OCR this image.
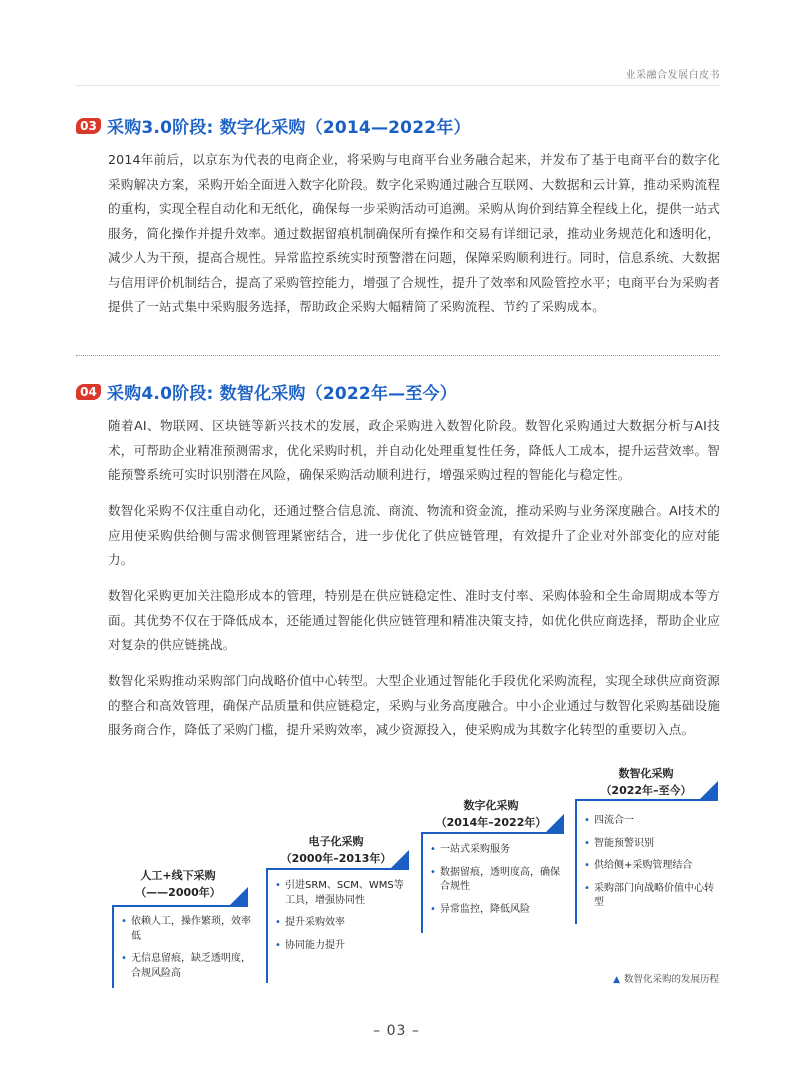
业采融合发展白皮书
03 采购3.0阶段: 数字化采购（2014—2022年）

2014年前后，以京东为代表的电商企业，将采购与电商平台业务融合起来，并发布了基于电商平台的数字化采购解决方案，采购开始全面进入数字化阶段。数字化采购通过融合互联网、大数据和云计算，推动采购流程的重构，实现全程自动化和无纸化，确保每一步采购活动可追溯。采购从询价到结算全程线上化，提供一站式服务，简化操作并提升效率。通过数据留痕机制确保所有操作和交易有详细记录，推动业务规范化和透明化，减少人为干预，提高合规性。异常监控系统实时预警潜在问题，保障采购顺利进行。同时，信息系统、大数据与信用评价机制结合，提高了采购管控能力，增强了合规性，提升了效率和风险管控水平；电商平台为采购者提供了一站式集中采购服务选择，帮助政企采购大幅精简了采购流程、节约了采购成本。

04 采购4.0阶段: 数智化采购（2022年—至今）

随着AI、物联网、区块链等新兴技术的发展，政企采购进入数智化阶段。数智化采购通过大数据分析与AI技术，可帮助企业精准预测需求，优化采购时机，并自动化处理重复性任务，降低人工成本，提升运营效率。智能预警系统可实时识别潜在风险，确保采购活动顺利进行，增强采购过程的智能化与稳定性。

数智化采购不仅注重自动化，还通过整合信息流、商流、物流和资金流，推动采购与业务深度融合。AI技术的应用使采购供给侧与需求侧管理紧密结合，进一步优化了供应链管理，有效提升了企业对外部变化的应对能力。

数智化采购更加关注隐形成本的管理，特别是在供应链稳定性、准时支付率、采购体验和全生命周期成本等方面。其优势不仅在于降低成本，还能通过智能化供应链管理和精准决策支持，如优化供应商选择，帮助企业应对复杂的供应链挑战。

数智化采购推动采购部门向战略价值中心转型。大型企业通过智能化手段优化采购流程，实现全球供应商资源的整合和高效管理，确保产品质量和供应链稳定，采购与业务高度融合。中小企业通过与数智化采购基础设施服务商合作，降低了采购门槛，提升采购效率，减少资源投入，使采购成为其数字化转型的重要切入点。

人工+线下采购
（——2000年）
• 依赖人工，操作繁琐，效率低
• 无信息留痕，缺乏透明度，合规风险高
电子化采购
（2000年–2013年）
• 引进SRM、SCM、WMS等工具，增强协同性
• 提升采购效率
• 协同能力提升
数字化采购
（2014年–2022年）
• 一站式采购服务
• 数据留痕，透明度高，确保合规性
• 异常监控，降低风险
数智化采购
（2022年–至今）
• 四流合一
• 智能预警识别
• 供给侧+采购管理结合
• 采购部门向战略价值中心转型
▲ 数智化采购的发展历程
– 03 –
